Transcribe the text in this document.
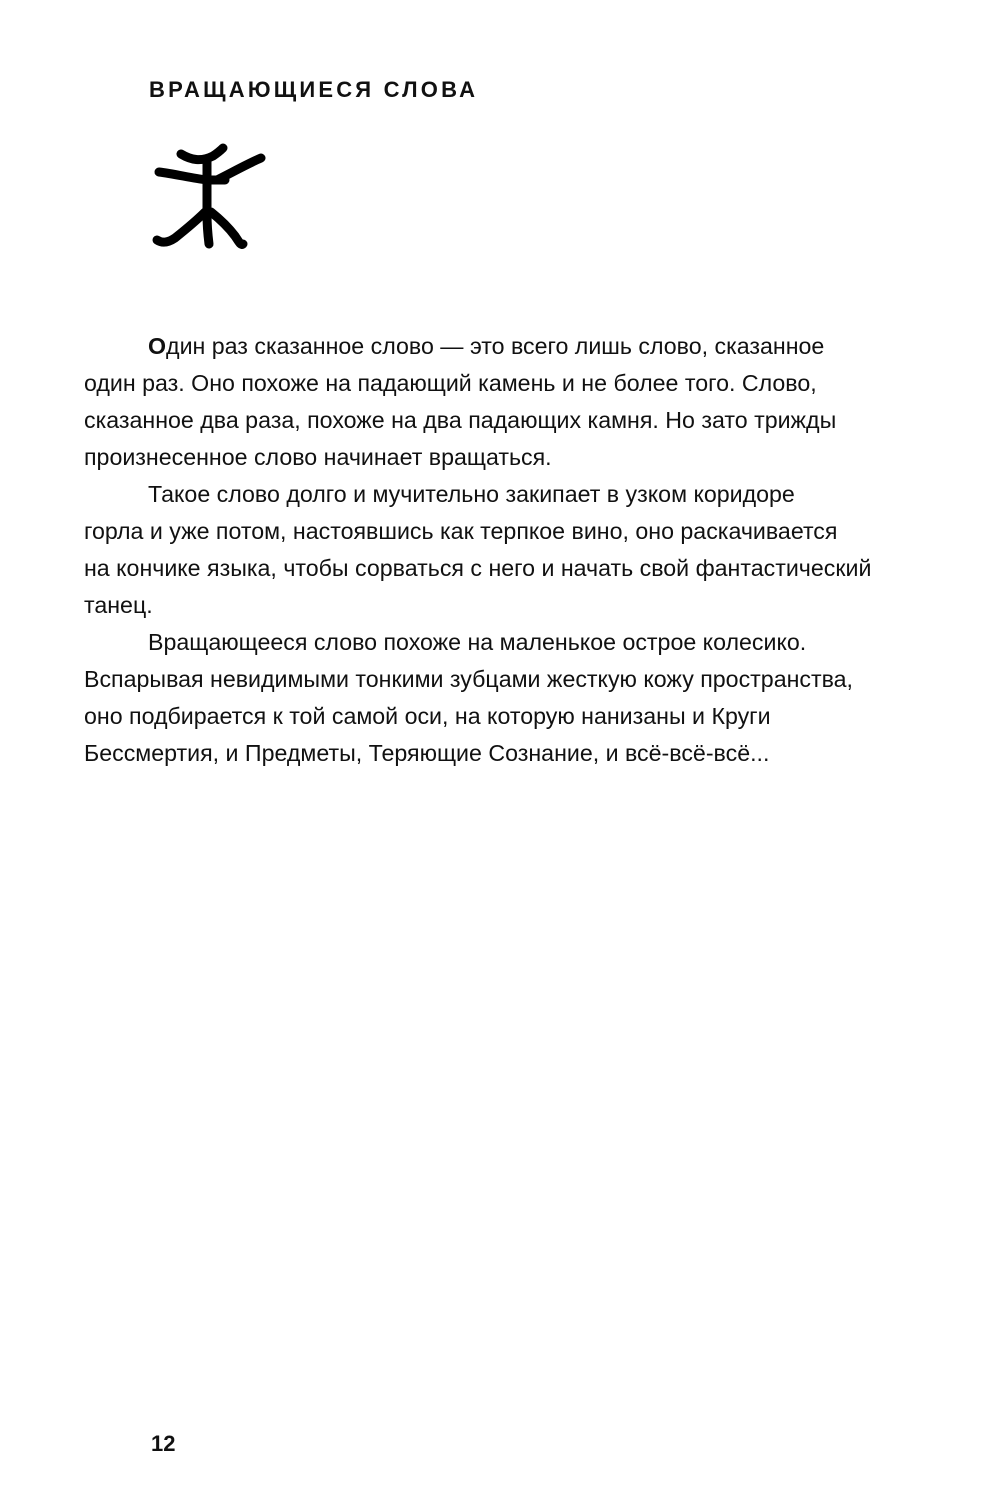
ВРАЩАЮЩИЕСЯ СЛОВА

Один раз сказанное слово — это всего лишь слово, сказанное
один раз. Оно похоже на падающий камень и не более того. Слово,
сказанное два раза, похоже на два падающих камня. Но зато трижды
произнесенное слово начинает вращаться.

Такое слово долго и мучительно закипает в узком коридоре
горла и уже потом, настоявшись как терпкое вино, оно раскачивается
на кончике языка, чтобы сорваться с него и начать свой фантастический
танец.

Вращающееся слово похоже на маленькое острое колесико.
Вспарывая невидимыми тонкими зубцами жесткую кожу пространства,
оно подбирается к той самой оси, на которую нанизаны и Круги
Бессмертия, и Предметы, Теряющие Сознание, и всё-всё-всё...

12
